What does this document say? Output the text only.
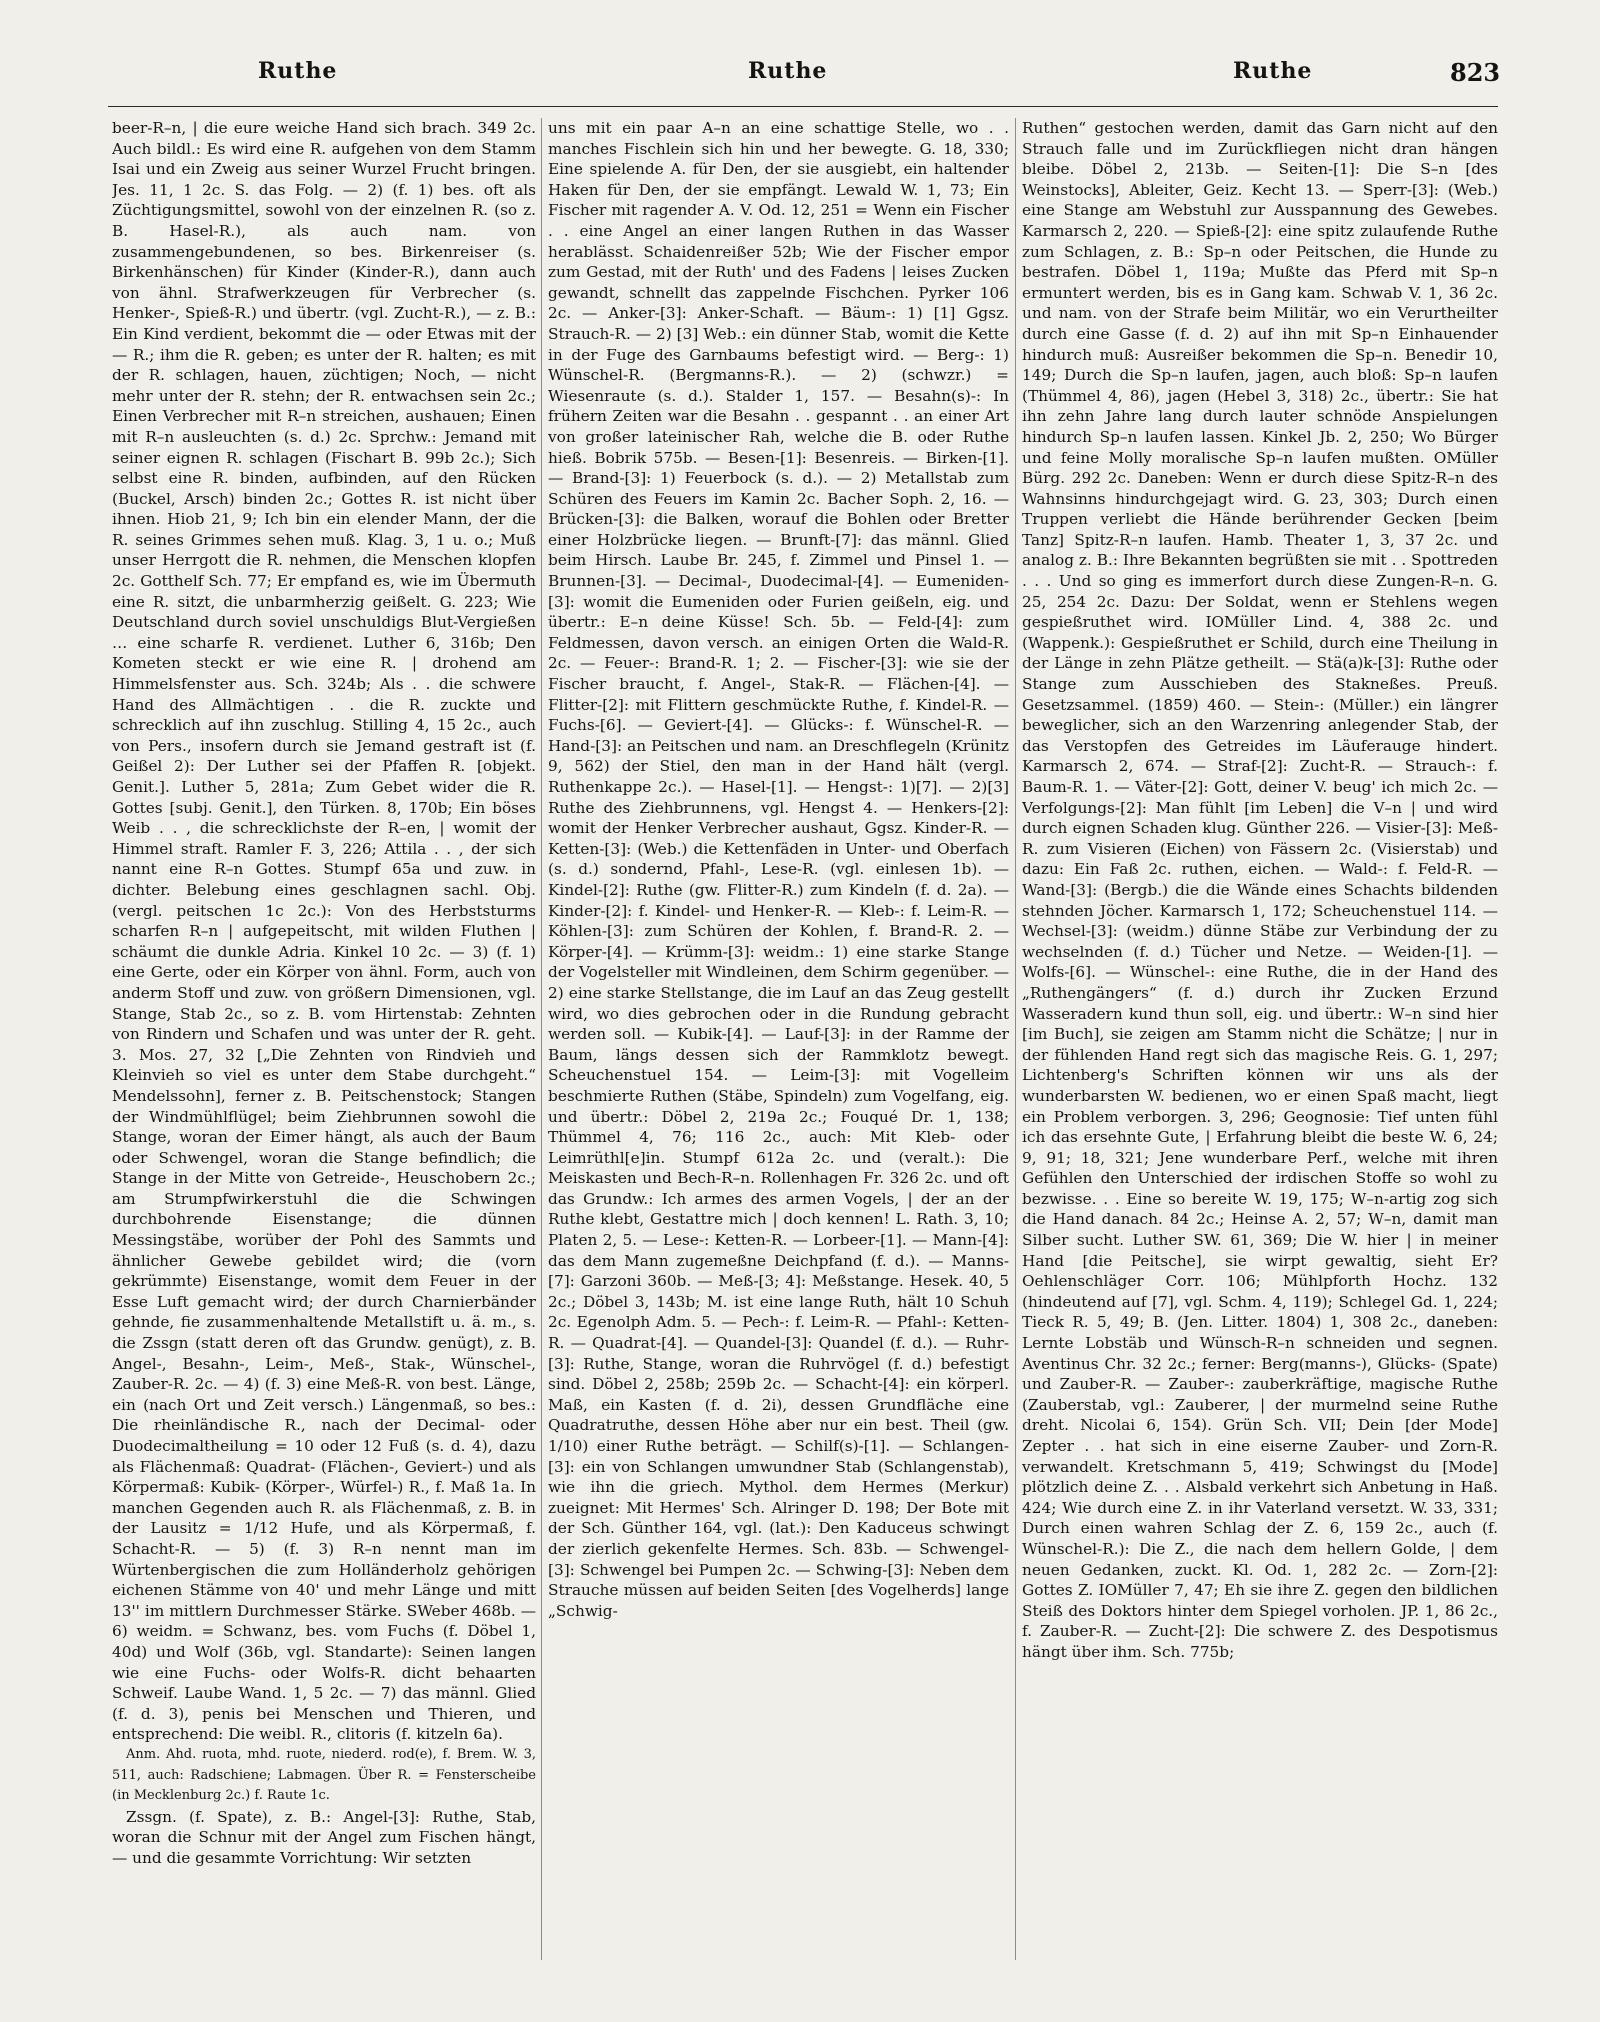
Ruthe	Ruthe	Ruthe	823

beer-R–n, | die eure weiche Hand sich brach. 349 2c. Auch bildl.: Es wird eine R. aufgehen von dem Stamm Isai und ein Zweig aus seiner Wurzel Frucht bringen. Jes. 11, 1 2c. S. das Folg. — 2) (f. 1) bes. oft als Züchtigungsmittel, sowohl von der einzelnen R. (so z. B. Hasel-R.), als auch nam. von zusammengebundenen, so bes. Birkenreiser (s. Birkenhänschen) für Kinder (Kinder-R.), dann auch von ähnl. Strafwerkzeugen für Verbrecher (s. Henker-, Spieß-R.) und übertr. (vgl. Zucht-R.), — z. B.: Ein Kind verdient, bekommt die — oder Etwas mit der — R.; ihm die R. geben; es unter der R. halten; es mit der R. schlagen, hauen, züchtigen; Noch, — nicht mehr unter der R. stehn; der R. entwachsen sein 2c.; Einen Verbrecher mit R–n streichen, aushauen; Einen mit R–n ausleuchten (s. d.) 2c. Sprchw.: Jemand mit seiner eignen R. schlagen (Fischart B. 99b 2c.); Sich selbst eine R. binden, aufbinden, auf den Rücken (Buckel, Arsch) binden 2c.; Gottes R. ist nicht über ihnen. Hiob 21, 9; Ich bin ein elender Mann, der die R. seines Grimmes sehen muß. Klag. 3, 1 u. o.; Muß unser Herrgott die R. nehmen, die Menschen klopfen 2c. Gotthelf Sch. 77; Er empfand es, wie im Übermuth eine R. sitzt, die unbarmherzig geißelt. G. 223; Wie Deutschland durch soviel unschuldigs Blut-Vergießen … eine scharfe R. verdienet. Luther 6, 316b; Den Kometen steckt er wie eine R. | drohend am Himmelsfenster aus. Sch. 324b; Als . . die schwere Hand des Allmächtigen . . die R. zuckte und schrecklich auf ihn zuschlug. Stilling 4, 15 2c., auch von Pers., insofern durch sie Jemand gestraft ist (f. Geißel 2): Der Luther sei der Pfaffen R. [objekt. Genit.]. Luther 5, 281a; Zum Gebet wider die R. Gottes [subj. Genit.], den Türken. 8, 170b; Ein böses Weib . . , die schrecklichste der R–en, | womit der Himmel straft. Ramler F. 3, 226; Attila . . , der sich nannt eine R–n Gottes. Stumpf 65a und zuw. in dichter. Belebung eines geschlagnen sachl. Obj. (vergl. peitschen 1c 2c.): Von des Herbststurms scharfen R–n | aufgepeitscht, mit wilden Fluthen | schäumt die dunkle Adria. Kinkel 10 2c. — 3) (f. 1) eine Gerte, oder ein Körper von ähnl. Form, auch von anderm Stoff und zuw. von größern Dimensionen, vgl. Stange, Stab 2c., so z. B. vom Hirtenstab: Zehnten von Rindern und Schafen und was unter der R. geht. 3. Mos. 27, 32 [„Die Zehnten von Rindvieh und Kleinvieh so viel es unter dem Stabe durchgeht.“ Mendelssohn], ferner z. B. Peitschenstock; Stangen der Windmühlflügel; beim Ziehbrunnen sowohl die Stange, woran der Eimer hängt, als auch der Baum oder Schwengel, woran die Stange befindlich; die Stange in der Mitte von Getreide-, Heuschobern 2c.; am Strumpfwirkerstuhl die die Schwingen durchbohrende Eisenstange; die dünnen Messingstäbe, worüber der Pohl des Sammts und ähnlicher Gewebe gebildet wird; die (vorn gekrümmte) Eisenstange, womit dem Feuer in der Esse Luft gemacht wird; der durch Charnierbänder gehnde, fie zusammenhaltende Metallstift u. ä. m., s. die Zssgn (statt deren oft das Grundw. genügt), z. B. Angel-, Besahn-, Leim-, Meß-, Stak-, Wünschel-, Zauber-R. 2c. — 4) (f. 3) eine Meß-R. von best. Länge, ein (nach Ort und Zeit versch.) Längenmaß, so bes.: Die rheinländische R., nach der Decimal- oder Duodecimaltheilung = 10 oder 12 Fuß (s. d. 4), dazu als Flächenmaß: Quadrat- (Flächen-, Geviert-) und als Körpermaß: Kubik- (Körper-, Würfel-) R., f. Maß 1a. In manchen Gegenden auch R. als Flächenmaß, z. B. in der Lausitz = 1/12 Hufe, und als Körpermaß, f. Schacht-R. — 5) (f. 3) R–n nennt man im Würtenbergischen die zum Holländerholz gehörigen eichenen Stämme von 40' und mehr Länge und mitt 13'' im mittlern Durchmesser Stärke. SWeber 468b. — 6) weidm. = Schwanz, bes. vom Fuchs (f. Döbel 1, 40d) und Wolf (36b, vgl. Standarte): Seinen langen wie eine Fuchs- oder Wolfs-R. dicht behaarten Schweif. Laube Wand. 1, 5 2c. — 7) das männl. Glied (f. d. 3), penis bei Menschen und Thieren, und entsprechend: Die weibl. R., clitoris (f. kitzeln 6a).

Anm. Ahd. ruota, mhd. ruote, niederd. rod(e), f. Brem. W. 3, 511, auch: Radschiene; Labmagen. Über R. = Fensterscheibe (in Mecklenburg 2c.) f. Raute 1c.

Zssgn. (f. Spate), z. B.: Angel-[3]: Ruthe, Stab, woran die Schnur mit der Angel zum Fischen hängt, — und die gesammte Vorrichtung: Wir setzten

uns mit ein paar A–n an eine schattige Stelle, wo . . manches Fischlein sich hin und her bewegte. G. 18, 330; Eine spielende A. für Den, der sie ausgiebt, ein haltender Haken für Den, der sie empfängt. Lewald W. 1, 73; Ein Fischer mit ragender A. V. Od. 12, 251 = Wenn ein Fischer . . eine Angel an einer langen Ruthen in das Wasser herablässt. Schaidenreißer 52b; Wie der Fischer empor zum Gestad, mit der Ruth' und des Fadens | leises Zucken gewandt, schnellt das zappelnde Fischchen. Pyrker 106 2c. — Anker-[3]: Anker-Schaft. — Bäum-: 1) [1] Ggsz. Strauch-R. — 2) [3] Web.: ein dünner Stab, womit die Kette in der Fuge des Garnbaums befestigt wird. — Berg-: 1) Wünschel-R. (Bergmanns-R.). — 2) (schwzr.) = Wiesenraute (s. d.). Stalder 1, 157. — Besahn(s)-: In frühern Zeiten war die Besahn . . gespannt . . an einer Art von großer lateinischer Rah, welche die B. oder Ruthe hieß. Bobrik 575b. — Besen-[1]: Besenreis. — Birken-[1]. — Brand-[3]: 1) Feuerbock (s. d.). — 2) Metallstab zum Schüren des Feuers im Kamin 2c. Bacher Soph. 2, 16. — Brücken-[3]: die Balken, worauf die Bohlen oder Bretter einer Holzbrücke liegen. — Brunft-[7]: das männl. Glied beim Hirsch. Laube Br. 245, f. Zimmel und Pinsel 1. — Brunnen-[3]. — Decimal-, Duodecimal-[4]. — Eumeniden-[3]: womit die Eumeniden oder Furien geißeln, eig. und übertr.: E–n deine Küsse! Sch. 5b. — Feld-[4]: zum Feldmessen, davon versch. an einigen Orten die Wald-R. 2c. — Feuer-: Brand-R. 1; 2. — Fischer-[3]: wie sie der Fischer braucht, f. Angel-, Stak-R. — Flächen-[4]. — Flitter-[2]: mit Flittern geschmückte Ruthe, f. Kindel-R. — Fuchs-[6]. — Geviert-[4]. — Glücks-: f. Wünschel-R. — Hand-[3]: an Peitschen und nam. an Dreschflegeln (Krünitz 9, 562) der Stiel, den man in der Hand hält (vergl. Ruthenkappe 2c.). — Hasel-[1]. — Hengst-: 1)[7]. — 2)[3] Ruthe des Ziehbrunnens, vgl. Hengst 4. — Henkers-[2]: womit der Henker Verbrecher aushaut, Ggsz. Kinder-R. — Ketten-[3]: (Web.) die Kettenfäden in Unter- und Oberfach (s. d.) sondernd, Pfahl-, Lese-R. (vgl. einlesen 1b). — Kindel-[2]: Ruthe (gw. Flitter-R.) zum Kindeln (f. d. 2a). — Kinder-[2]: f. Kindel- und Henker-R. — Kleb-: f. Leim-R. — Köhlen-[3]: zum Schüren der Kohlen, f. Brand-R. 2. — Körper-[4]. — Krümm-[3]: weidm.: 1) eine starke Stange der Vogelsteller mit Windleinen, dem Schirm gegenüber. — 2) eine starke Stellstange, die im Lauf an das Zeug gestellt wird, wo dies gebrochen oder in die Rundung gebracht werden soll. — Kubik-[4]. — Lauf-[3]: in der Ramme der Baum, längs dessen sich der Rammklotz bewegt. Scheuchenstuel 154. — Leim-[3]: mit Vogelleim beschmierte Ruthen (Stäbe, Spindeln) zum Vogelfang, eig. und übertr.: Döbel 2, 219a 2c.; Fouqué Dr. 1, 138; Thümmel 4, 76; 116 2c., auch: Mit Kleb- oder Leimrüthl[e]in. Stumpf 612a 2c. und (veralt.): Die Meiskasten und Bech-R–n. Rollenhagen Fr. 326 2c. und oft das Grundw.: Ich armes des armen Vogels, | der an der Ruthe klebt, Gestattre mich | doch kennen! L. Rath. 3, 10; Platen 2, 5. — Lese-: Ketten-R. — Lorbeer-[1]. — Mann-[4]: das dem Mann zugemeßne Deichpfand (f. d.). — Manns-[7]: Garzoni 360b. — Meß-[3; 4]: Meßstange. Hesek. 40, 5 2c.; Döbel 3, 143b; M. ist eine lange Ruth, hält 10 Schuh 2c. Egenolph Adm. 5. — Pech-: f. Leim-R. — Pfahl-: Ketten-R. — Quadrat-[4]. — Quandel-[3]: Quandel (f. d.). — Ruhr-[3]: Ruthe, Stange, woran die Ruhrvögel (f. d.) befestigt sind. Döbel 2, 258b; 259b 2c. — Schacht-[4]: ein körperl. Maß, ein Kasten (f. d. 2i), dessen Grundfläche eine Quadratruthe, dessen Höhe aber nur ein best. Theil (gw. 1/10) einer Ruthe beträgt. — Schilf(s)-[1]. — Schlangen-[3]: ein von Schlangen umwundner Stab (Schlangenstab), wie ihn die griech. Mythol. dem Hermes (Merkur) zueignet: Mit Hermes' Sch. Alringer D. 198; Der Bote mit der Sch. Günther 164, vgl. (lat.): Den Kaduceus schwingt der zierlich gekenfelte Hermes. Sch. 83b. — Schwengel-[3]: Schwengel bei Pumpen 2c. — Schwing-[3]: Neben dem Strauche müssen auf beiden Seiten [des Vogelherds] lange „Schwig-

Ruthen“ gestochen werden, damit das Garn nicht auf den Strauch falle und im Zurückfliegen nicht dran hängen bleibe. Döbel 2, 213b. — Seiten-[1]: Die S–n [des Weinstocks], Ableiter, Geiz. Kecht 13. — Sperr-[3]: (Web.) eine Stange am Webstuhl zur Ausspannung des Gewebes. Karmarsch 2, 220. — Spieß-[2]: eine spitz zulaufende Ruthe zum Schlagen, z. B.: Sp–n oder Peitschen, die Hunde zu bestrafen. Döbel 1, 119a; Mußte das Pferd mit Sp–n ermuntert werden, bis es in Gang kam. Schwab V. 1, 36 2c. und nam. von der Strafe beim Militär, wo ein Verurtheilter durch eine Gasse (f. d. 2) auf ihn mit Sp–n Einhauender hindurch muß: Ausreißer bekommen die Sp–n. Benedir 10, 149; Durch die Sp–n laufen, jagen, auch bloß: Sp–n laufen (Thümmel 4, 86), jagen (Hebel 3, 318) 2c., übertr.: Sie hat ihn zehn Jahre lang durch lauter schnöde Anspielungen hindurch Sp–n laufen lassen. Kinkel Jb. 2, 250; Wo Bürger und feine Molly moralische Sp–n laufen mußten. OMüller Bürg. 292 2c. Daneben: Wenn er durch diese Spitz-R–n des Wahnsinns hindurchgejagt wird. G. 23, 303; Durch einen Truppen verliebt die Hände berührender Gecken [beim Tanz] Spitz-R–n laufen. Hamb. Theater 1, 3, 37 2c. und analog z. B.: Ihre Bekannten begrüßten sie mit . . Spottreden . . . Und so ging es immerfort durch diese Zungen-R–n. G. 25, 254 2c. Dazu: Der Soldat, wenn er Stehlens wegen gespießruthet wird. IOMüller Lind. 4, 388 2c. und (Wappenk.): Gespießruthet er Schild, durch eine Theilung in der Länge in zehn Plätze getheilt. — Stä(a)k-[3]: Ruthe oder Stange zum Ausschieben des Stakneßes. Preuß. Gesetzsammel. (1859) 460. — Stein-: (Müller.) ein längrer beweglicher, sich an den Warzenring anlegender Stab, der das Verstopfen des Getreides im Läuferauge hindert. Karmarsch 2, 674. — Straf-[2]: Zucht-R. — Strauch-: f. Baum-R. 1. — Väter-[2]: Gott, deiner V. beug' ich mich 2c. — Verfolgungs-[2]: Man fühlt [im Leben] die V–n | und wird durch eignen Schaden klug. Günther 226. — Visier-[3]: Meß-R. zum Visieren (Eichen) von Fässern 2c. (Visierstab) und dazu: Ein Faß 2c. ruthen, eichen. — Wald-: f. Feld-R. — Wand-[3]: (Bergb.) die die Wände eines Schachts bildenden stehnden Jöcher. Karmarsch 1, 172; Scheuchenstuel 114. — Wechsel-[3]: (weidm.) dünne Stäbe zur Verbindung der zu wechselnden (f. d.) Tücher und Netze. — Weiden-[1]. — Wolfs-[6]. — Wünschel-: eine Ruthe, die in der Hand des „Ruthengängers“ (f. d.) durch ihr Zucken Erzund Wasseradern kund thun soll, eig. und übertr.: W–n sind hier [im Buch], sie zeigen am Stamm nicht die Schätze; | nur in der fühlenden Hand regt sich das magische Reis. G. 1, 297; Lichtenberg's Schriften können wir uns als der wunderbarsten W. bedienen, wo er einen Spaß macht, liegt ein Problem verborgen. 3, 296; Geognosie: Tief unten fühl ich das ersehnte Gute, | Erfahrung bleibt die beste W. 6, 24; 9, 91; 18, 321; Jene wunderbare Perf., welche mit ihren Gefühlen den Unterschied der irdischen Stoffe so wohl zu bezwisse. . . Eine so bereite W. 19, 175; W–n-artig zog sich die Hand danach. 84 2c.; Heinse A. 2, 57; W–n, damit man Silber sucht. Luther SW. 61, 369; Die W. hier | in meiner Hand [die Peitsche], sie wirpt gewaltig, sieht Er? Oehlenschläger Corr. 106; Mühlpforth Hochz. 132 (hindeutend auf [7], vgl. Schm. 4, 119); Schlegel Gd. 1, 224; Tieck R. 5, 49; B. (Jen. Litter. 1804) 1, 308 2c., daneben: Lernte Lobstäb und Wünsch-R–n schneiden und segnen. Aventinus Chr. 32 2c.; ferner: Berg(manns-), Glücks- (Spate) und Zauber-R. — Zauber-: zauberkräftige, magische Ruthe (Zauberstab, vgl.: Zauberer, | der murmelnd seine Ruthe dreht. Nicolai 6, 154). Grün Sch. VII; Dein [der Mode] Zepter . . hat sich in eine eiserne Zauber- und Zorn-R. verwandelt. Kretschmann 5, 419; Schwingst du [Mode] plötzlich deine Z. . . Alsbald verkehrt sich Anbetung in Haß. 424; Wie durch eine Z. in ihr Vaterland versetzt. W. 33, 331; Durch einen wahren Schlag der Z. 6, 159 2c., auch (f. Wünschel-R.): Die Z., die nach dem hellern Golde, | dem neuen Gedanken, zuckt. Kl. Od. 1, 282 2c. — Zorn-[2]: Gottes Z. IOMüller 7, 47; Eh sie ihre Z. gegen den bildlichen Steiß des Doktors hinter dem Spiegel vorholen. JP. 1, 86 2c., f. Zauber-R. — Zucht-[2]: Die schwere Z. des Despotismus hängt über ihm. Sch. 775b;
